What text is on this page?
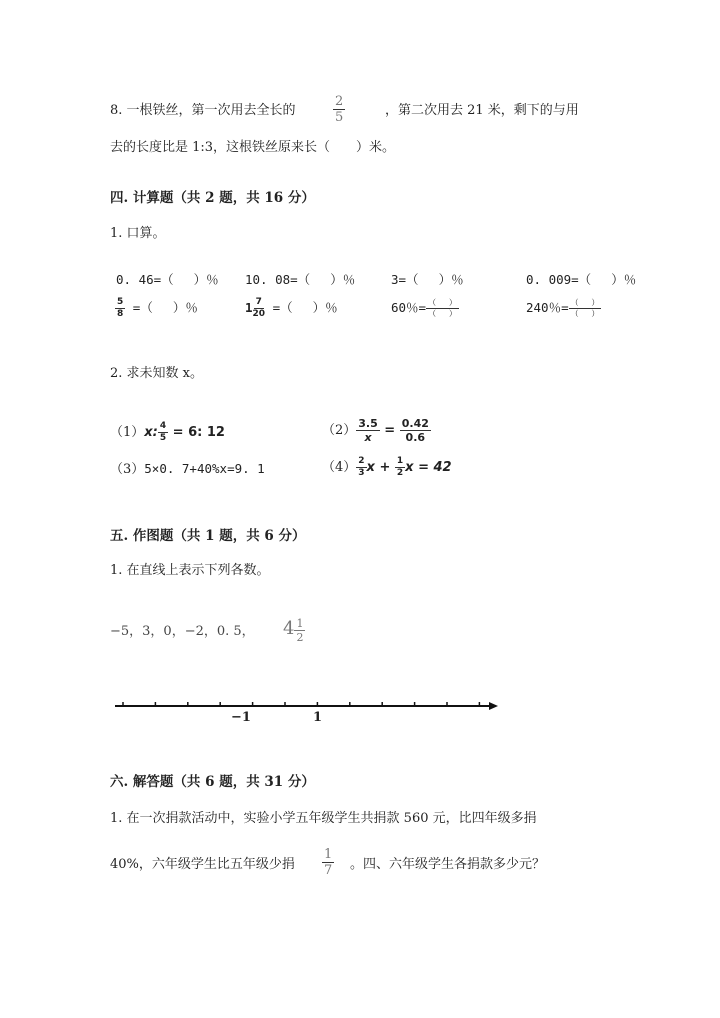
8. 一根铁丝，第一次用去全长的	$\frac{2}{5}$	，第二次用去 21 米，剩下的与用
去的长度比是 1:3，这根铁丝原来长（　　）米。
四. 计算题（共 2 题，共 16 分）
1. 口算。
0. 46=（　 ）％ 10. 08=（　 ）％	3=（　 ）％	0. 009=（　 ）％
$\frac{5}{8}$ =（　 ）％	$1 \frac{7}{20}$ =（　 ）％	60％= $\frac{( )}{( )}$	240％= $\frac{( )}{( )}$
2. 求未知数 x。
（1）x: $\frac{4}{5} = 6$: 12	$(2) \frac{3.5}{x} = \frac{0.42}{0.6}$
（3）5×0. 7+40%x=9. 1	$(4) \frac{2}{3}$ $x + \frac{1}{2}$ x = 42
五. 作图题（共 1 题，共 6 分）
1. 在直线上表示下列各数。
−5，3，0，−2，0. 5， $4 \frac{1}{2}$
−1	1
六. 解答题（共 6 题，共 31 分）
1. 在一次捐款活动中，实验小学五年级学生共捐款 560 元，比四年级多捐
40%，六年级学生比五年级少捐 $\frac{1}{7}$ 。四、六年级学生各捐款多少元？
